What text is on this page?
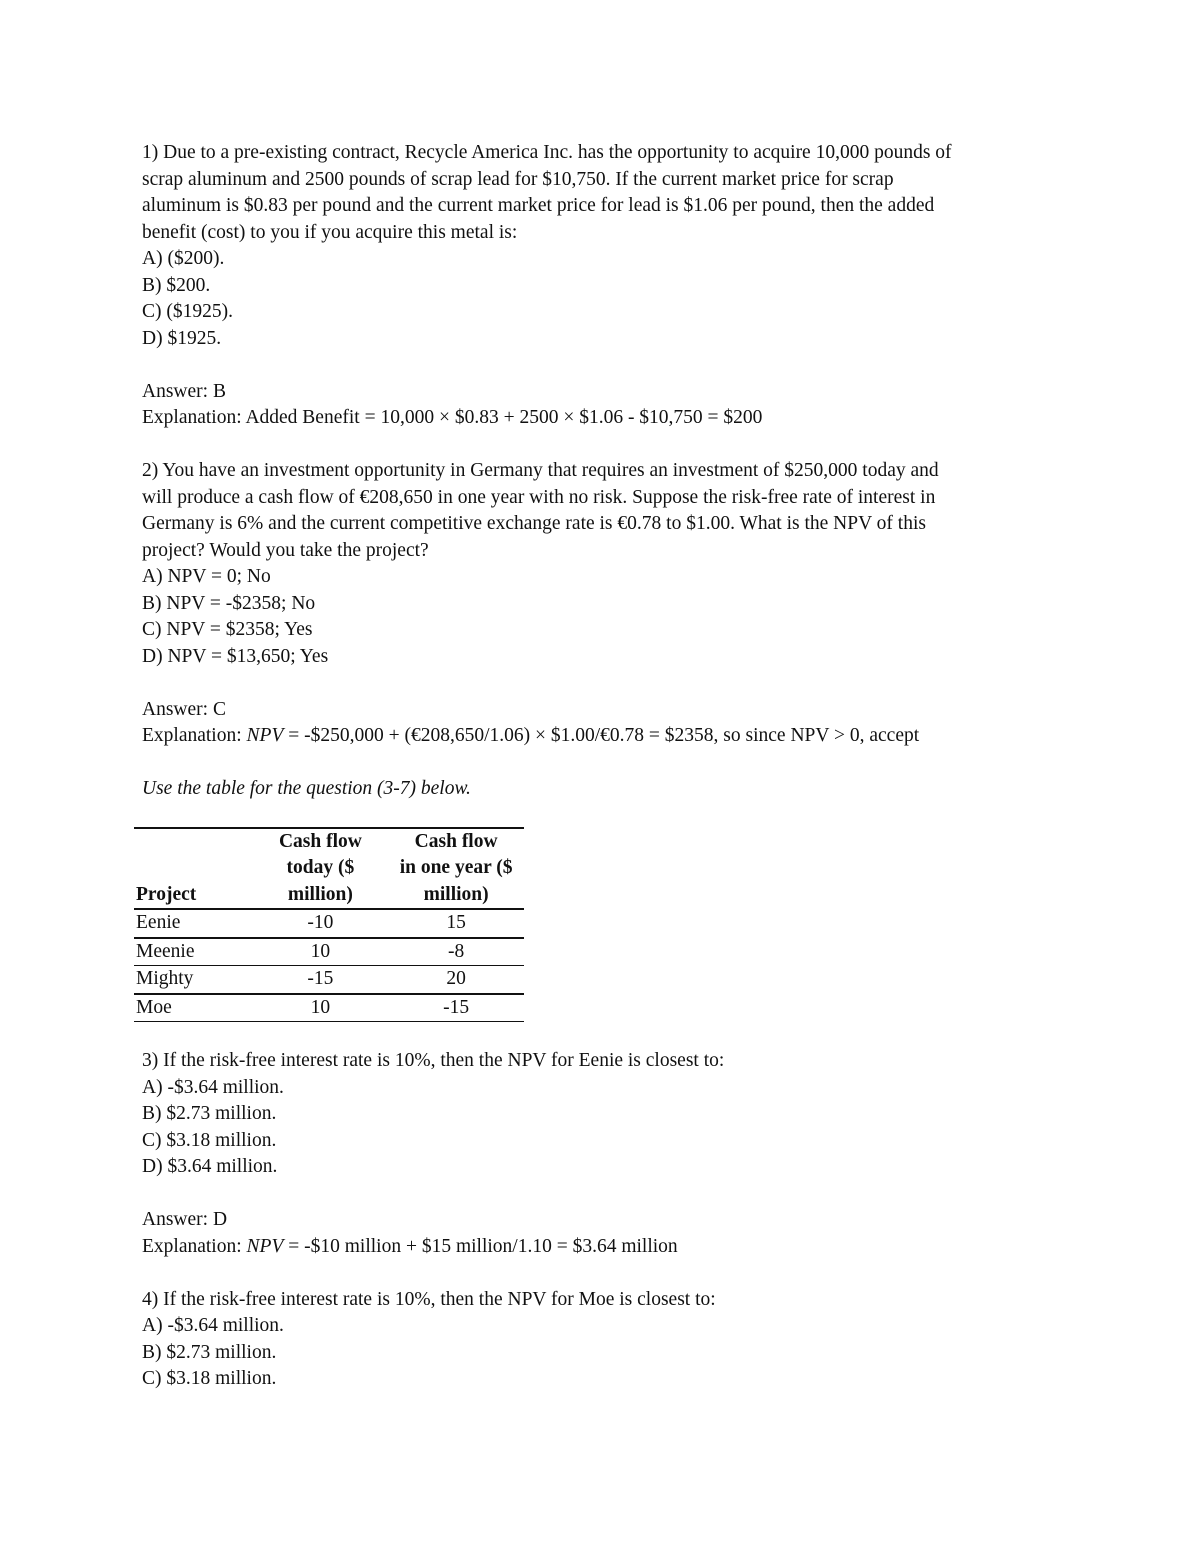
1) Due to a pre-existing contract, Recycle America Inc. has the opportunity to acquire 10,000 pounds of

scrap aluminum and 2500 pounds of scrap lead for $10,750. If the current market price for scrap

aluminum is $0.83 per pound and the current market price for lead is $1.06 per pound, then the added

benefit (cost) to you if you acquire this metal is:

A) ($200).

B) $200.

C) ($1925).

D) $1925.

Answer: B

Explanation: Added Benefit = 10,000 × $0.83 + 2500 × $1.06 - $10,750 = $200

2) You have an investment opportunity in Germany that requires an investment of $250,000 today and

will produce a cash flow of €208,650 in one year with no risk. Suppose the risk-free rate of interest in

Germany is 6% and the current competitive exchange rate is €0.78 to $1.00. What is the NPV of this

project? Would you take the project?

A) NPV = 0; No

B) NPV = -$2358; No

C) NPV = $2358; Yes

D) NPV = $13,650; Yes

Answer: C

Explanation: NPV = -$250,000 + (€208,650/1.06) × $1.00/€0.78 = $2358, so since NPV > 0, accept

Use the table for the question (3-7) below.

Project	Cash flow
today ($
million)	Cash flow
in one year ($
million)
Eenie	-10	15
Meenie	10	-8
Mighty	-15	20
Moe	10	-15

3) If the risk-free interest rate is 10%, then the NPV for Eenie is closest to:

A) -$3.64 million.

B) $2.73 million.

C) $3.18 million.

D) $3.64 million.

Answer: D

Explanation: NPV = -$10 million + $15 million/1.10 = $3.64 million

4) If the risk-free interest rate is 10%, then the NPV for Moe is closest to:

A) -$3.64 million.

B) $2.73 million.

C) $3.18 million.
